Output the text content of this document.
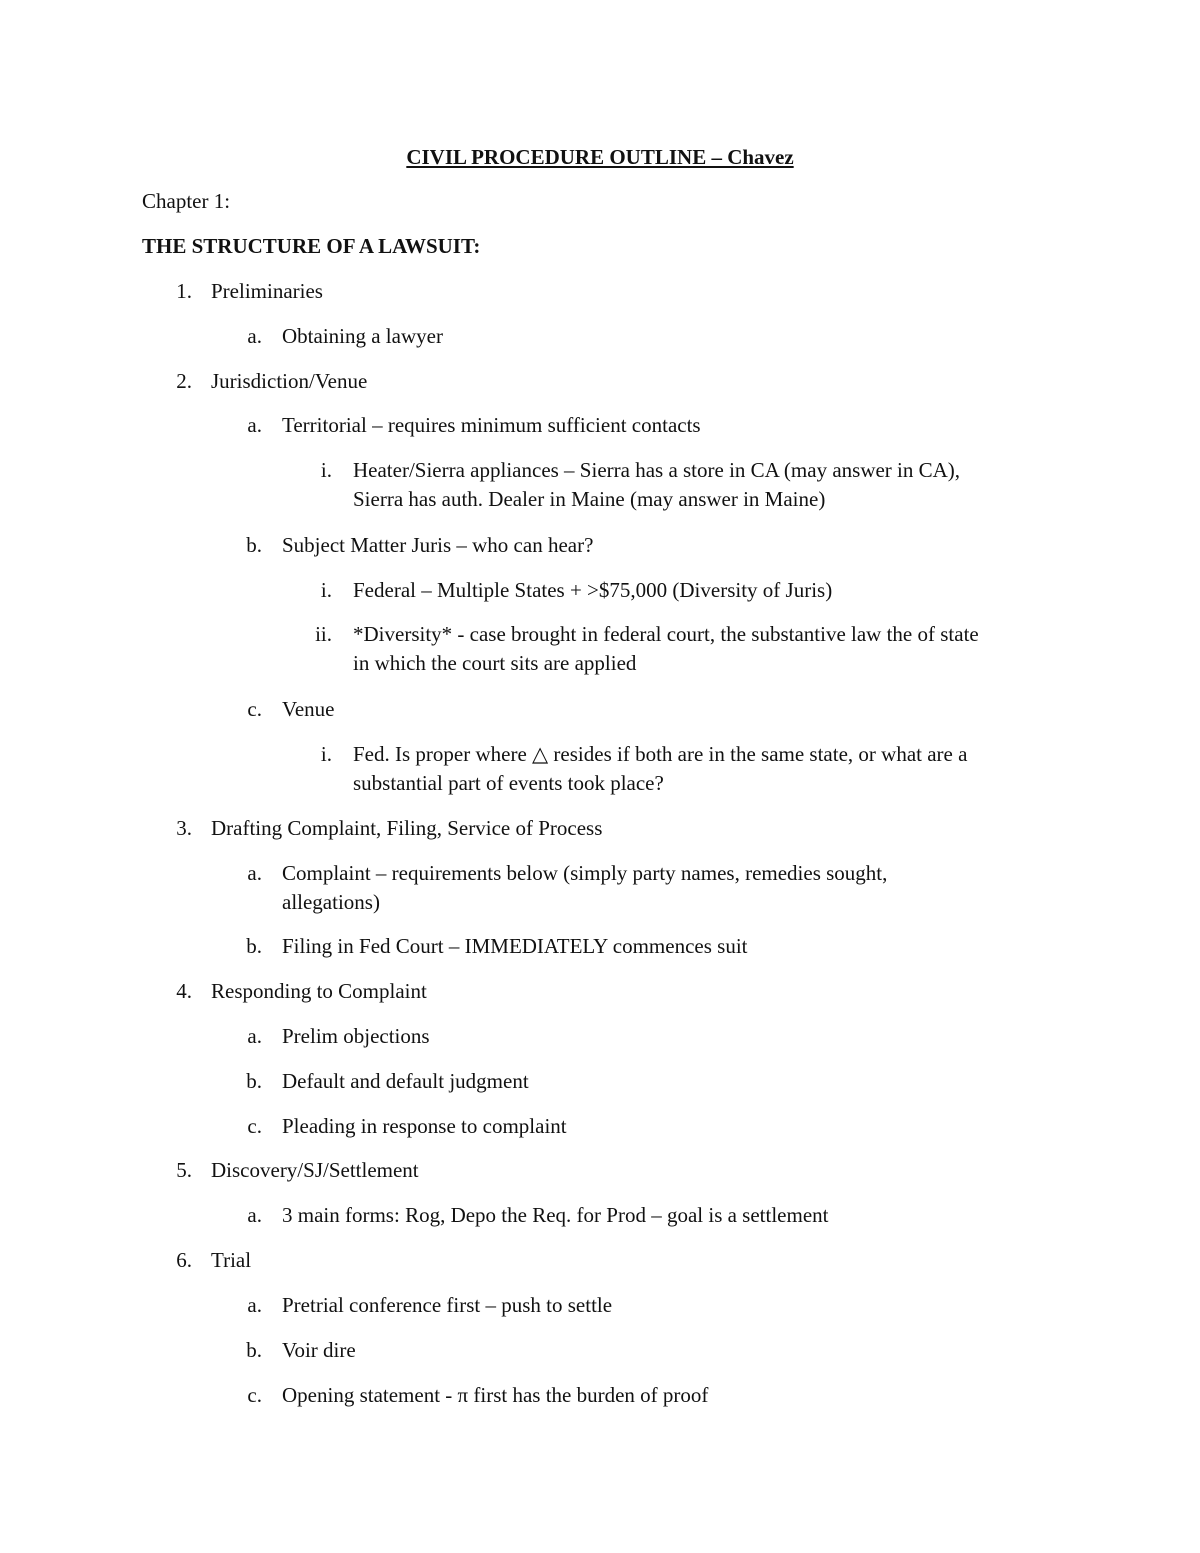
CIVIL PROCEDURE OUTLINE – Chavez
Chapter 1:
THE STRUCTURE OF A LAWSUIT:
1. Preliminaries
a. Obtaining a lawyer
2. Jurisdiction/Venue
a. Territorial – requires minimum sufficient contacts
i. Heater/Sierra appliances – Sierra has a store in CA (may answer in CA),
Sierra has auth. Dealer in Maine (may answer in Maine)
b. Subject Matter Juris – who can hear?
i. Federal – Multiple States + >$75,000 (Diversity of Juris)
ii. *Diversity* - case brought in federal court, the substantive law the of state
in which the court sits are applied
c. Venue
i. Fed. Is proper where △ resides if both are in the same state, or what are a
substantial part of events took place?
3. Drafting Complaint, Filing, Service of Process
a. Complaint – requirements below (simply party names, remedies sought,
allegations)
b. Filing in Fed Court – IMMEDIATELY commences suit
4. Responding to Complaint
a. Prelim objections
b. Default and default judgment
c. Pleading in response to complaint
5. Discovery/SJ/Settlement
a. 3 main forms: Rog, Depo the Req. for Prod – goal is a settlement
6. Trial
a. Pretrial conference first – push to settle
b. Voir dire
c. Opening statement - π first has the burden of proof
